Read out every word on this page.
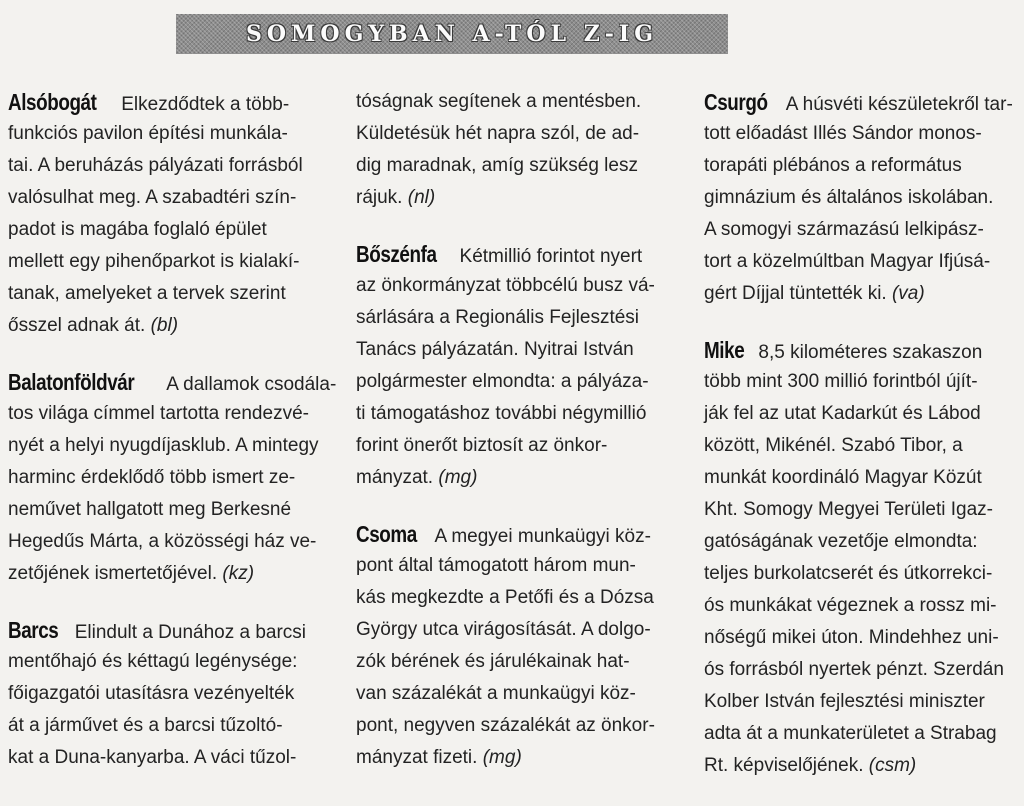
SOMOGYBAN A-TÓL Z-IG
Alsóbogát Elkezdődtek a több-
funkciós pavilon építési munkála-
tai. A beruházás pályázati forrásból
valósulhat meg. A szabadtéri szín-
padot is magába foglaló épület
mellett egy pihenőparkot is kialakí-
tanak, amelyeket a tervek szerint
ősszel adnak át. (bl)
Balatonföldvár A dallamok csodála-
tos világa címmel tartotta rendezvé-
nyét a helyi nyugdíjasklub. A mintegy
harminc érdeklődő több ismert ze-
neművet hallgatott meg Berkesné
Hegedűs Márta, a közösségi ház ve-
zetőjének ismertetőjével. (kz)
Barcs Elindult a Dunához a barcsi
mentőhajó és kéttagú legénysége:
főigazgatói utasításra vezényelték
át a járművet és a barcsi tűzoltó-
kat a Duna-kanyarba. A váci tűzol-
tóságnak segítenek a mentésben.
Küldetésük hét napra szól, de ad-
dig maradnak, amíg szükség lesz
rájuk. (nl)
Bőszénfa Kétmillió forintot nyert
az önkormányzat többcélú busz vá-
sárlására a Regionális Fejlesztési
Tanács pályázatán. Nyitrai István
polgármester elmondta: a pályáza-
ti támogatáshoz további négymillió
forint önerőt biztosít az önkor-
mányzat. (mg)
Csoma A megyei munkaügyi köz-
pont által támogatott három mun-
kás megkezdte a Petőfi és a Dózsa
György utca virágosítását. A dolgo-
zók bérének és járulékainak hat-
van százalékát a munkaügyi köz-
pont, negyven százalékát az önkor-
mányzat fizeti. (mg)
Csurgó A húsvéti készületekről tar-
tott előadást Illés Sándor monos-
torapáti plébános a református
gimnázium és általános iskolában.
A somogyi származású lelkipász-
tort a közelmúltban Magyar Ifjúsá-
gért Díjjal tüntették ki. (va)
Mike 8,5 kilométeres szakaszon
több mint 300 millió forintból újít-
ják fel az utat Kadarkút és Lábod
között, Mikénél. Szabó Tibor, a
munkát koordináló Magyar Közút
Kht. Somogy Megyei Területi Igaz-
gatóságának vezetője elmondta:
teljes burkolatcserét és útkorrekci-
ós munkákat végeznek a rossz mi-
nőségű mikei úton. Mindehhez uni-
ós forrásból nyertek pénzt. Szerdán
Kolber István fejlesztési miniszter
adta át a munkaterületet a Strabag
Rt. képviselőjének. (csm)
